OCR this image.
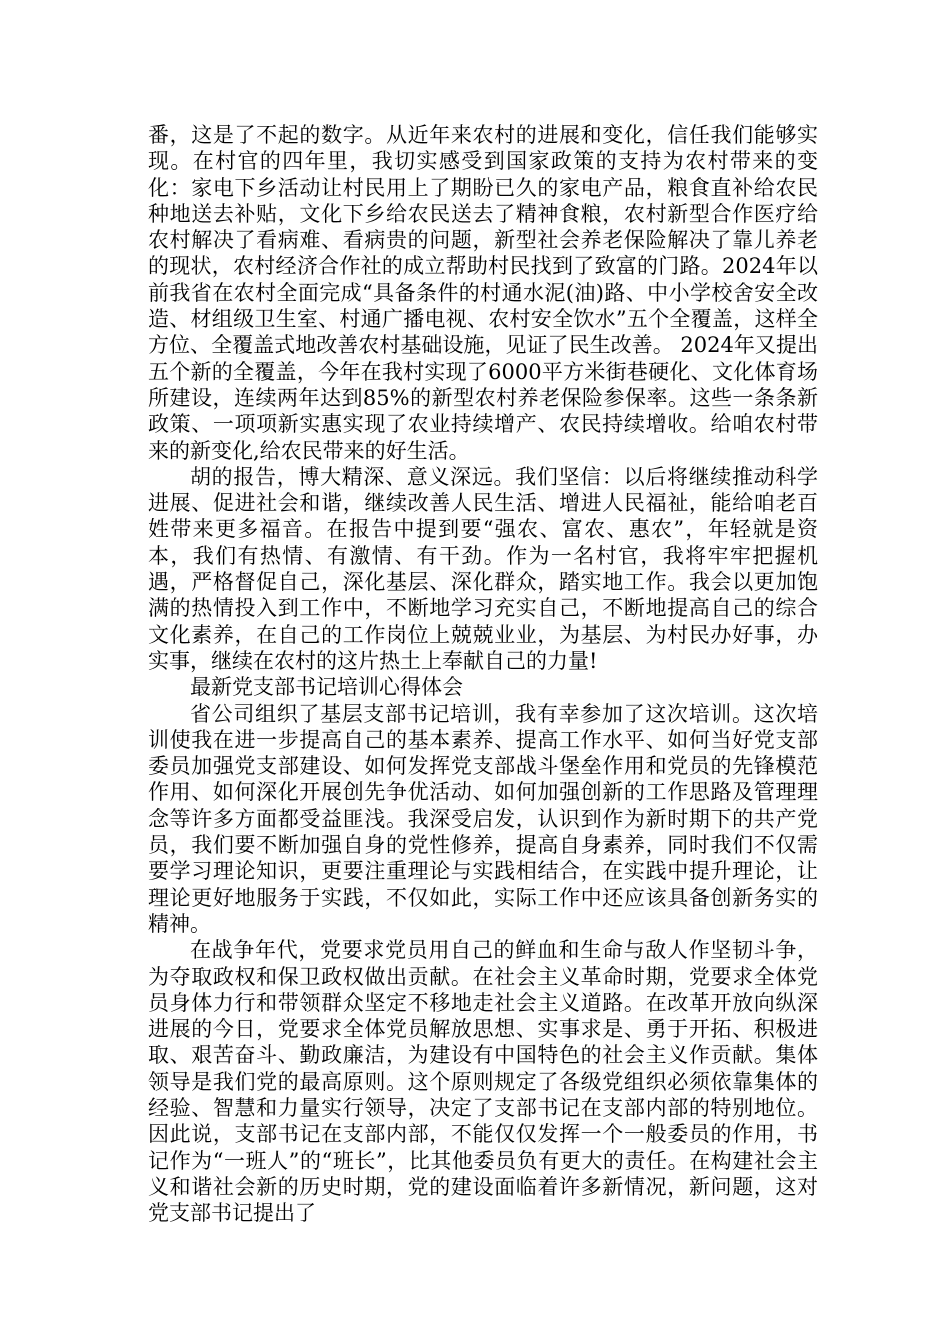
番，这是了不起的数字。从近年来农村的进展和变化，信任我们能够实现。在村官的四年里，我切实感受到国家政策的支持为农村带来的变化：家电下乡活动让村民用上了期盼已久的家电产品，粮食直补给农民种地送去补贴，文化下乡给农民送去了精神食粮，农村新型合作医疗给农村解决了看病难、看病贵的问题，新型社会养老保险解决了靠儿养老的现状，农村经济合作社的成立帮助村民找到了致富的门路。2024年以前我省在农村全面完成“具备条件的村通水泥(油)路、中小学校舍安全改造、材组级卫生室、村通广播电视、农村安全饮水”五个全覆盖，这样全方位、全覆盖式地改善农村基础设施，见证了民生改善。 2024年又提出五个新的全覆盖，今年在我村实现了6000平方米街巷硬化、文化体育场所建设，连续两年达到85%的新型农村养老保险参保率。这些一条条新政策、一项项新实惠实现了农业持续增产、农民持续增收。给咱农村带来的新变化,给农民带来的好生活。

胡的报告，博大精深、意义深远。我们坚信：以后将继续推动科学进展、促进社会和谐，继续改善人民生活、增进人民福祉，能给咱老百姓带来更多福音。在报告中提到要“强农、富农、惠农”，年轻就是资本，我们有热情、有激情、有干劲。作为一名村官，我将牢牢把握机遇，严格督促自己，深化基层、深化群众，踏实地工作。我会以更加饱满的热情投入到工作中，不断地学习充实自己，不断地提高自己的综合文化素养，在自己的工作岗位上兢兢业业，为基层、为村民办好事，办实事，继续在农村的这片热土上奉献自己的力量!

最新党支部书记培训心得体会

省公司组织了基层支部书记培训，我有幸参加了这次培训。这次培训使我在进一步提高自己的基本素养、提高工作水平、如何当好党支部委员加强党支部建设、如何发挥党支部战斗堡垒作用和党员的先锋模范作用、如何深化开展创先争优活动、如何加强创新的工作思路及管理理念等许多方面都受益匪浅。我深受启发，认识到作为新时期下的共产党员，我们要不断加强自身的党性修养，提高自身素养，同时我们不仅需要学习理论知识，更要注重理论与实践相结合，在实践中提升理论，让理论更好地服务于实践，不仅如此，实际工作中还应该具备创新务实的精神。

在战争年代，党要求党员用自己的鲜血和生命与敌人作坚韧斗争，为夺取政权和保卫政权做出贡献。在社会主义革命时期，党要求全体党员身体力行和带领群众坚定不移地走社会主义道路。在改革开放向纵深进展的今日，党要求全体党员解放思想、实事求是、勇于开拓、积极进取、艰苦奋斗、勤政廉洁，为建设有中国特色的社会主义作贡献。集体领导是我们党的最高原则。这个原则规定了各级党组织必须依靠集体的经验、智慧和力量实行领导，决定了支部书记在支部内部的特别地位。因此说，支部书记在支部内部，不能仅仅发挥一个一般委员的作用，书记作为“一班人”的“班长”，比其他委员负有更大的责任。在构建社会主义和谐社会新的历史时期，党的建设面临着许多新情况，新问题，这对党支部书记提出了
